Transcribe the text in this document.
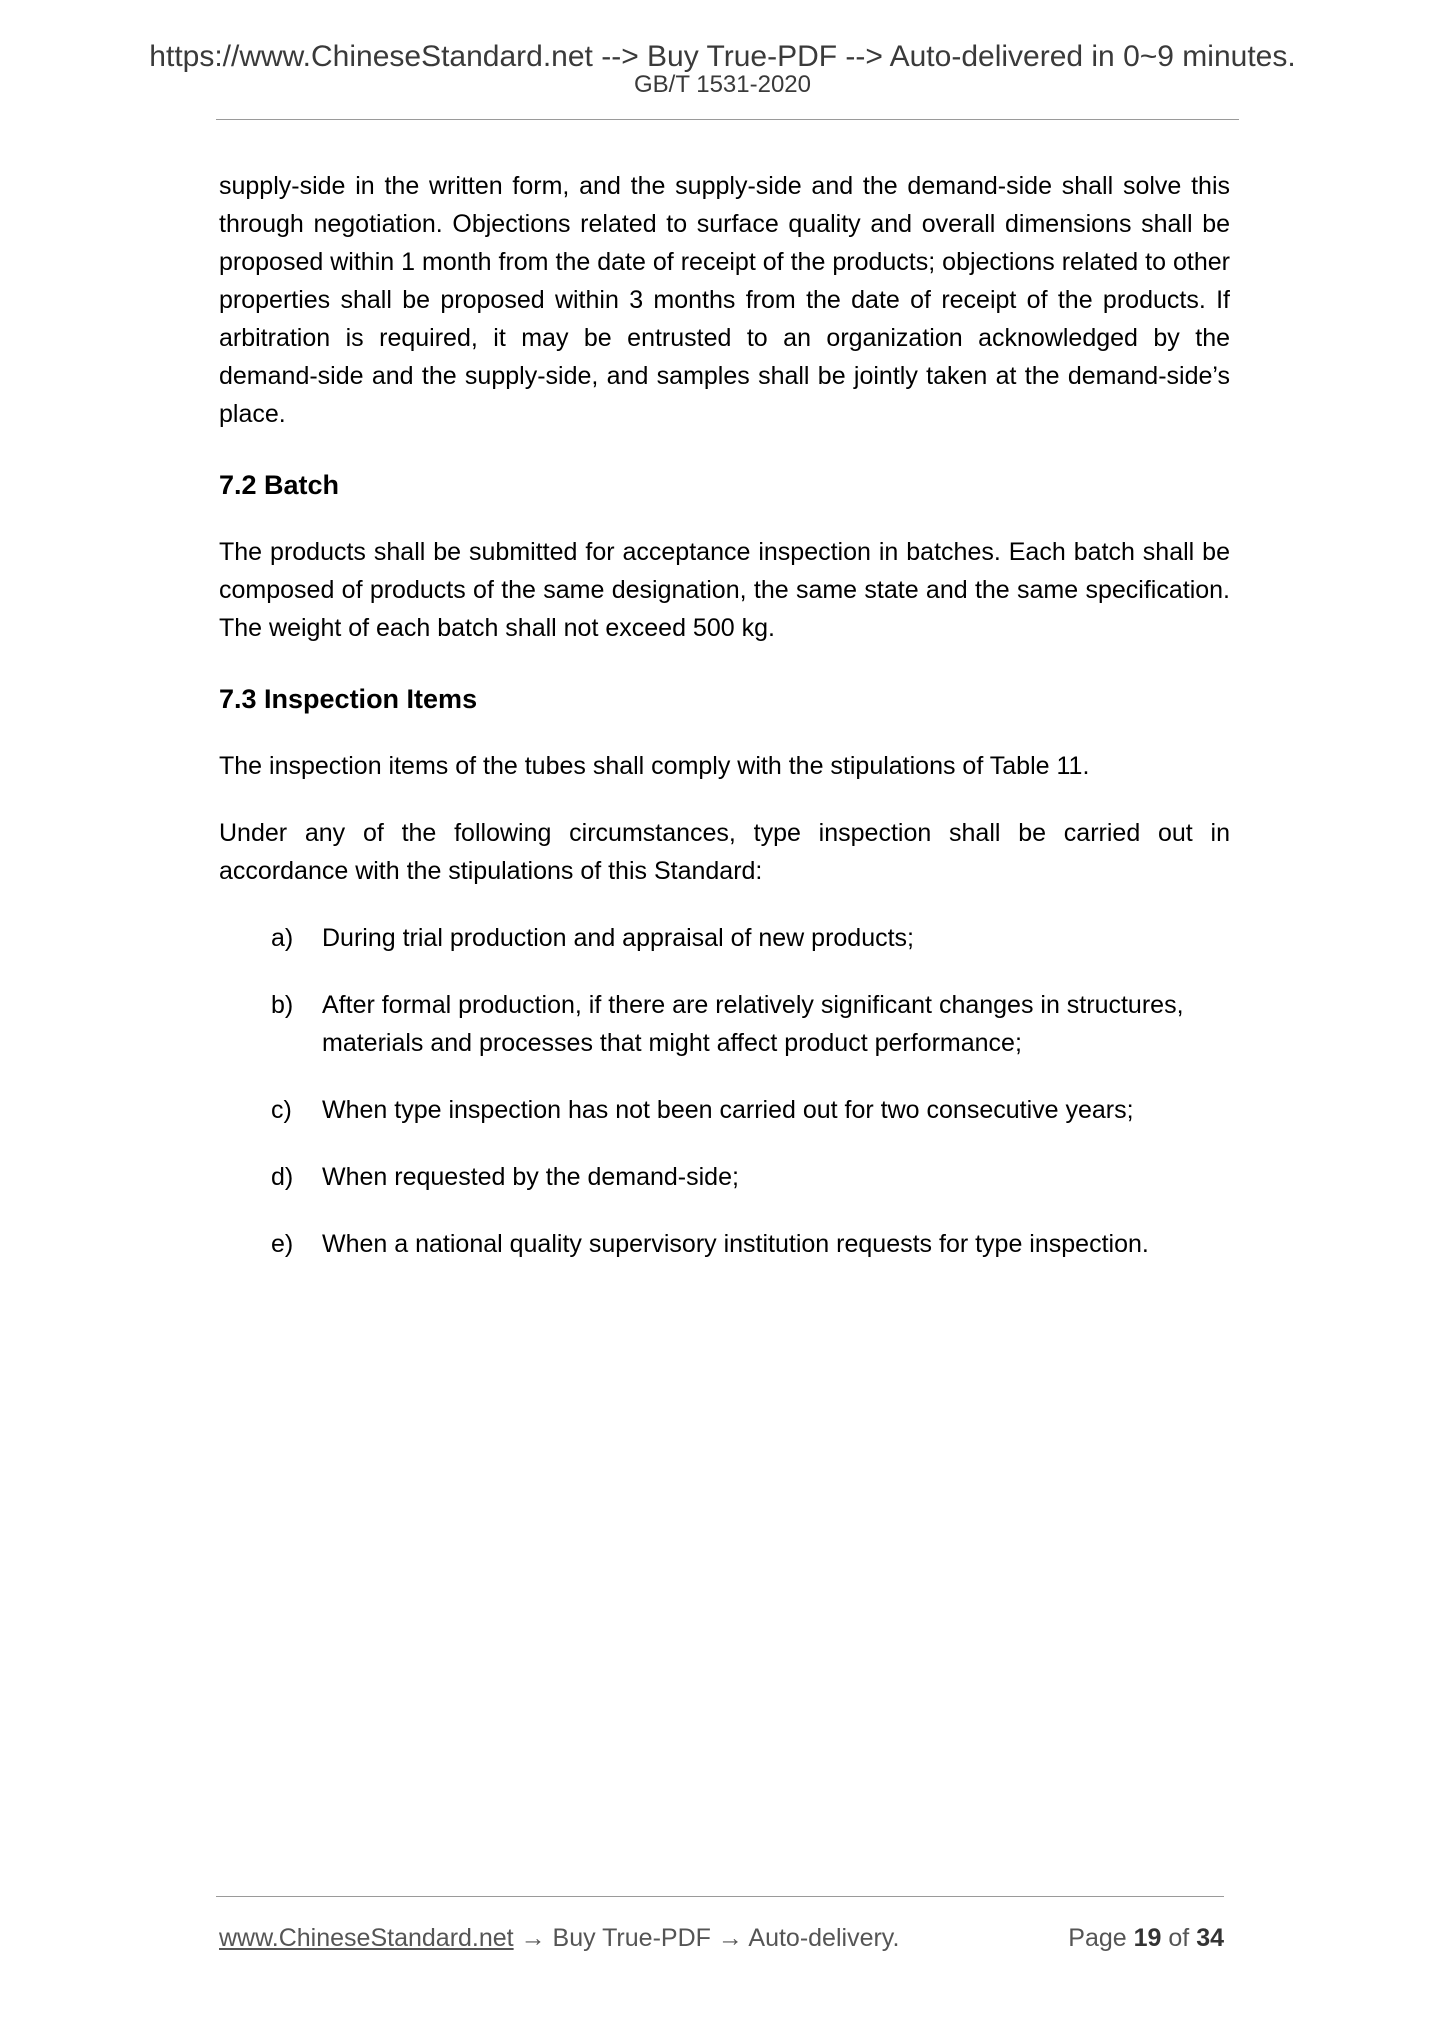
https://www.ChineseStandard.net --> Buy True-PDF --> Auto-delivered in 0~9 minutes.
GB/T 1531-2020

supply-side in the written form, and the supply-side and the demand-side shall solve this through negotiation. Objections related to surface quality and overall dimensions shall be proposed within 1 month from the date of receipt of the products; objections related to other properties shall be proposed within 3 months from the date of receipt of the products. If arbitration is required, it may be entrusted to an organization acknowledged by the demand-side and the supply-side, and samples shall be jointly taken at the demand-side’s place.

7.2 Batch

The products shall be submitted for acceptance inspection in batches. Each batch shall be composed of products of the same designation, the same state and the same specification. The weight of each batch shall not exceed 500 kg.

7.3 Inspection Items

The inspection items of the tubes shall comply with the stipulations of Table 11.

Under any of the following circumstances, type inspection shall be carried out in accordance with the stipulations of this Standard:

a) During trial production and appraisal of new products;
b) After formal production, if there are relatively significant changes in structures, materials and processes that might affect product performance;
c) When type inspection has not been carried out for two consecutive years;
d) When requested by the demand-side;
e) When a national quality supervisory institution requests for type inspection.
www.ChineseStandard.net → Buy True-PDF → Auto-delivery.	Page 19 of 34
